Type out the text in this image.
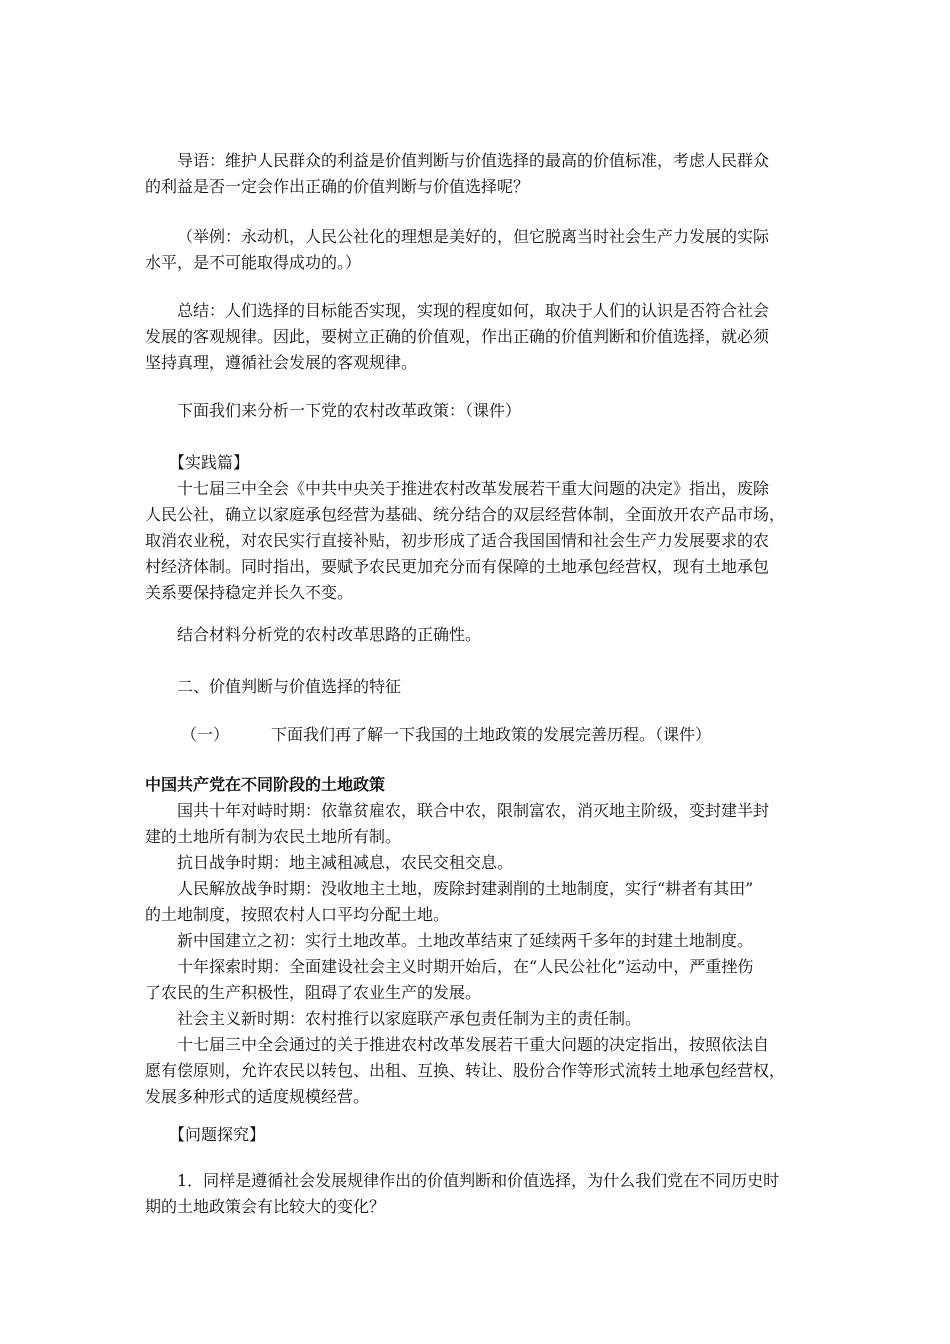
导语：维护人民群众的利益是价值判断与价值选择的最高的价值标准，考虑人民群众
的利益是否一定会作出正确的价值判断与价值选择呢？
（举例：永动机，人民公社化的理想是美好的，但它脱离当时社会生产力发展的实际
水平，是不可能取得成功的。）
总结：人们选择的目标能否实现，实现的程度如何，取决于人们的认识是否符合社会
发展的客观规律。因此，要树立正确的价值观，作出正确的价值判断和价值选择，就必须
坚持真理，遵循社会发展的客观规律。
下面我们来分析一下党的农村改革政策：（课件）
【实践篇】
十七届三中全会《中共中央关于推进农村改革发展若干重大问题的决定》指出，废除
人民公社，确立以家庭承包经营为基础、统分结合的双层经营体制，全面放开农产品市场，
取消农业税，对农民实行直接补贴，初步形成了适合我国国情和社会生产力发展要求的农
村经济体制。同时指出，要赋予农民更加充分而有保障的土地承包经营权，现有土地承包
关系要保持稳定并长久不变。
结合材料分析党的农村改革思路的正确性。
二、价值判断与价值选择的特征
（一）	下面我们再了解一下我国的土地政策的发展完善历程。（课件）
中国共产党在不同阶段的土地政策
国共十年对峙时期：依靠贫雇农，联合中农，限制富农，消灭地主阶级，变封建半封
建的土地所有制为农民土地所有制。
抗日战争时期：地主减租减息，农民交租交息。
人民解放战争时期：没收地主土地，废除封建剥削的土地制度，实行“耕者有其田”
的土地制度，按照农村人口平均分配土地。
新中国建立之初：实行土地改革。土地改革结束了延续两千多年的封建土地制度。
十年探索时期：全面建设社会主义时期开始后，在“人民公社化”运动中，严重挫伤
了农民的生产积极性，阻碍了农业生产的发展。
社会主义新时期：农村推行以家庭联产承包责任制为主的责任制。
十七届三中全会通过的关于推进农村改革发展若干重大问题的决定指出，按照依法自
愿有偿原则，允许农民以转包、出租、互换、转让、股份合作等形式流转土地承包经营权，
发展多种形式的适度规模经营。
【问题探究】
1．同样是遵循社会发展规律作出的价值判断和价值选择，为什么我们党在不同历史时
期的土地政策会有比较大的变化？
